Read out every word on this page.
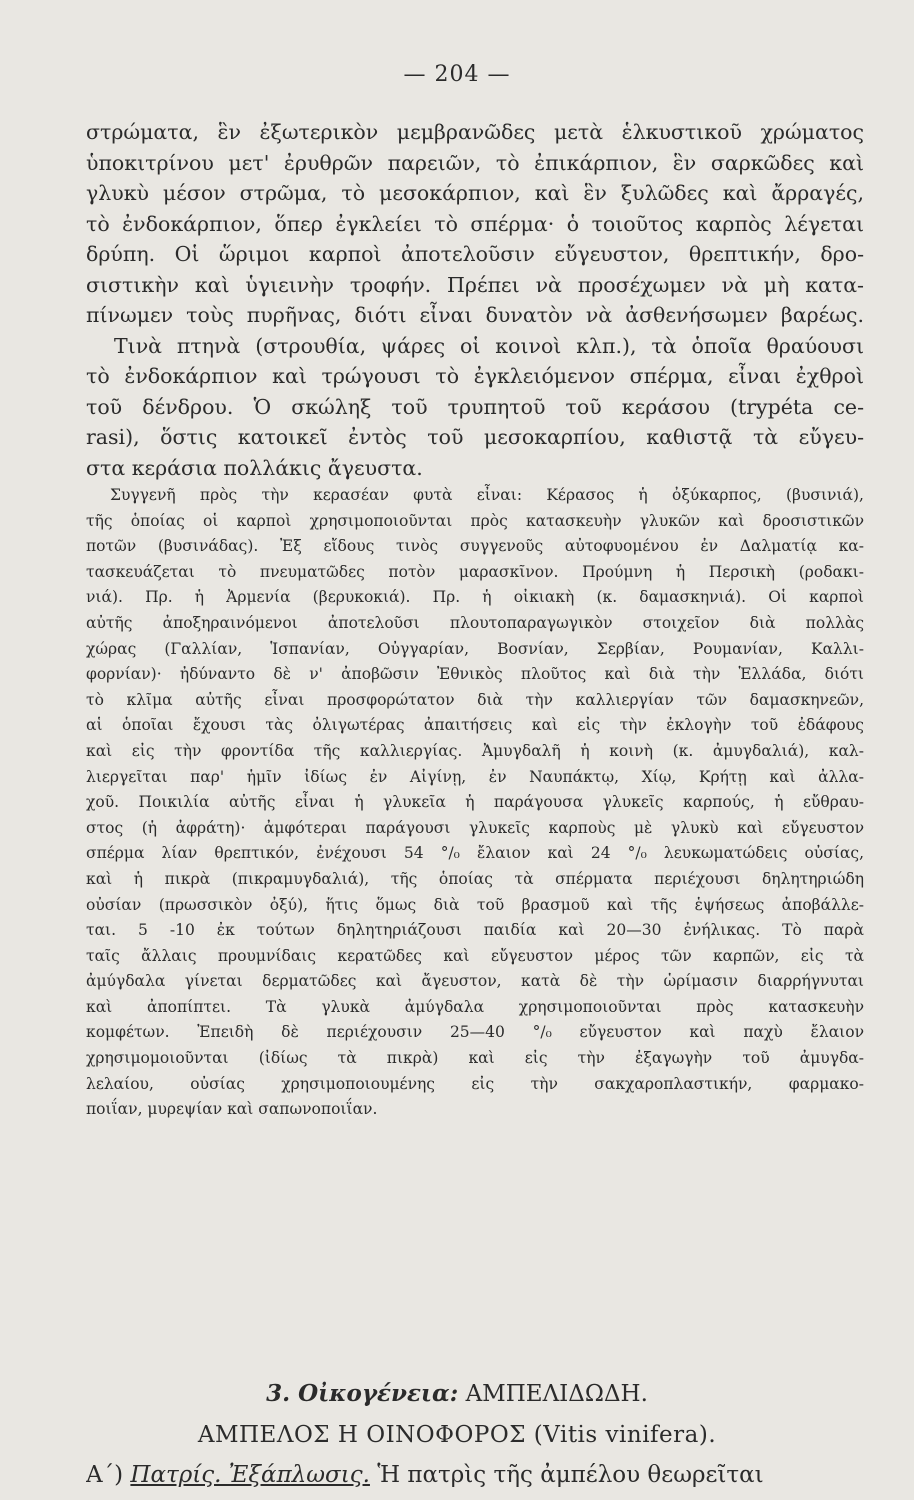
— 204 —
στρώματα, ἓν ἐξωτερικὸν μεμβρανῶδες μετὰ ἑλκυστικοῦ χρώματος
ὑποκιτρίνου μετ' ἐρυθρῶν παρειῶν, τὸ ἐπικάρπιον, ἓν σαρκῶδες καὶ
γλυκὺ μέσον στρῶμα, τὸ μεσοκάρπιον, καὶ ἓν ξυλῶδες καὶ ἄρραγές,
τὸ ἐνδοκάρπιον, ὅπερ ἐγκλείει τὸ σπέρμα· ὁ τοιοῦτος καρπὸς λέγεται
δρύπη. Οἱ ὥριμοι καρποὶ ἀποτελοῦσιν εὔγευστον, θρεπτικήν, δρο-
σιστικὴν καὶ ὑγιεινὴν τροφήν. Πρέπει νὰ προσέχωμεν νὰ μὴ κατα-
πίνωμεν τοὺς πυρῆνας, διότι εἶναι δυνατὸν νὰ ἀσθενήσωμεν βαρέως.
Τινὰ πτηνὰ (στρουθία, ψάρες οἱ κοινοὶ κλπ.), τὰ ὁποῖα θραύουσι
τὸ ἐνδοκάρπιον καὶ τρώγουσι τὸ ἐγκλειόμενον σπέρμα, εἶναι ἐχθροὶ
τοῦ δένδρου. Ὁ σκώληξ τοῦ τρυπητοῦ τοῦ κεράσου (trypéta ce-
rasi), ὅστις κατοικεῖ ἐντὸς τοῦ μεσοκαρπίου, καθιστᾷ τὰ εὔγευ-
στα κεράσια πολλάκις ἄγευστα.
Συγγενῆ πρὸς τὴν κερασέαν φυτὰ εἶναι: Κέρασος ἡ ὀξύκαρπος, (βυσινιά),
τῆς ὁποίας οἱ καρποὶ χρησιμοποιοῦνται πρὸς κατασκευὴν γλυκῶν καὶ δροσιστικῶν
ποτῶν (βυσινάδας). Ἐξ εἴδους τινὸς συγγενοῦς αὐτοφυομένου ἐν Δαλματίᾳ κα-
τασκευάζεται τὸ πνευματῶδες ποτὸν μαρασκῖνον. Προύμνη ἡ Περσικὴ (ροδακι-
νιά). Πρ. ἡ Ἀρμενία (βερυκοκιά). Πρ. ἡ οἰκιακὴ (κ. δαμασκηνιά). Οἱ καρποὶ
αὐτῆς ἀποξηραινόμενοι ἀποτελοῦσι πλουτοπαραγωγικὸν στοιχεῖον διὰ πολλὰς
χώρας (Γαλλίαν, Ἱσπανίαν, Οὐγγαρίαν, Βοσνίαν, Σερβίαν, Ρουμανίαν, Καλλι-
φορνίαν)· ἠδύναντο δὲ ν' ἀποβῶσιν Ἐθνικὸς πλοῦτος καὶ διὰ τὴν Ἑλλάδα, διότι
τὸ κλῖμα αὐτῆς εἶναι προσφορώτατον διὰ τὴν καλλιεργίαν τῶν δαμασκηνεῶν,
αἱ ὁποῖαι ἔχουσι τὰς ὀλιγωτέρας ἀπαιτήσεις καὶ εἰς τὴν ἐκλογὴν τοῦ ἐδάφους
καὶ εἰς τὴν φροντίδα τῆς καλλιεργίας. Ἀμυγδαλῆ ἡ κοινὴ (κ. ἀμυγδαλιά), καλ-
λιεργεῖται παρ' ἡμῖν ἰδίως ἐν Αἰγίνῃ, ἐν Ναυπάκτῳ, Χίῳ, Κρήτῃ καὶ ἀλλα-
χοῦ. Ποικιλία αὐτῆς εἶναι ἡ γλυκεῖα ἡ παράγουσα γλυκεῖς καρπούς, ἡ εὔθραυ-
στος (ἡ ἀφράτη)· ἀμφότεραι παράγουσι γλυκεῖς καρποὺς μὲ γλυκὺ καὶ εὔγευστον
σπέρμα λίαν θρεπτικόν, ἐνέχουσι 54 °/₀ ἔλαιον καὶ 24 °/₀ λευκωματώδεις οὐσίας,
καὶ ἡ πικρὰ (πικραμυγδαλιά), τῆς ὁποίας τὰ σπέρματα περιέχουσι δηλητηριώδη
οὐσίαν (πρωσσικὸν ὀξύ), ἥτις ὅμως διὰ τοῦ βρασμοῦ καὶ τῆς ἑψήσεως ἀποβάλλε-
ται. 5 -10 ἐκ τούτων δηλητηριάζουσι παιδία καὶ 20—30 ἐνήλικας. Τὸ παρὰ
ταῖς ἄλλαις προυμνίδαις κερατῶδες καὶ εὔγευστον μέρος τῶν καρπῶν, εἰς τὰ
ἀμύγδαλα γίνεται δερματῶδες καὶ ἄγευστον, κατὰ δὲ τὴν ὡρίμασιν διαρρήγνυται
καὶ ἀποπίπτει. Τὰ γλυκὰ ἀμύγδαλα χρησιμοποιοῦνται πρὸς κατασκευὴν
κομφέτων. Ἐπειδὴ δὲ περιέχουσιν 25—40 °/₀ εὔγευστον καὶ παχὺ ἔλαιον
χρησιμομοιοῦνται (ἰδίως τὰ πικρὰ) καὶ εἰς τὴν ἐξαγωγὴν τοῦ ἀμυγδα-
λελαίου, οὐσίας χρησιμοποιουμένης εἰς τὴν σακχαροπλαστικήν, φαρμακο-
ποιΐαν, μυρεψίαν καὶ σαπωνοποιΐαν.
3. Οἰκογένεια: ΑΜΠΕΛΙΔΩΔΗ.
ΑΜΠΕΛΟΣ Η ΟΙΝΟΦΟΡΟΣ (Vitis vinifera).
Α΄) Πατρίς. Ἐξάπλωσις. Ἡ πατρὶς τῆς ἀμπέλου θεωρεῖται
